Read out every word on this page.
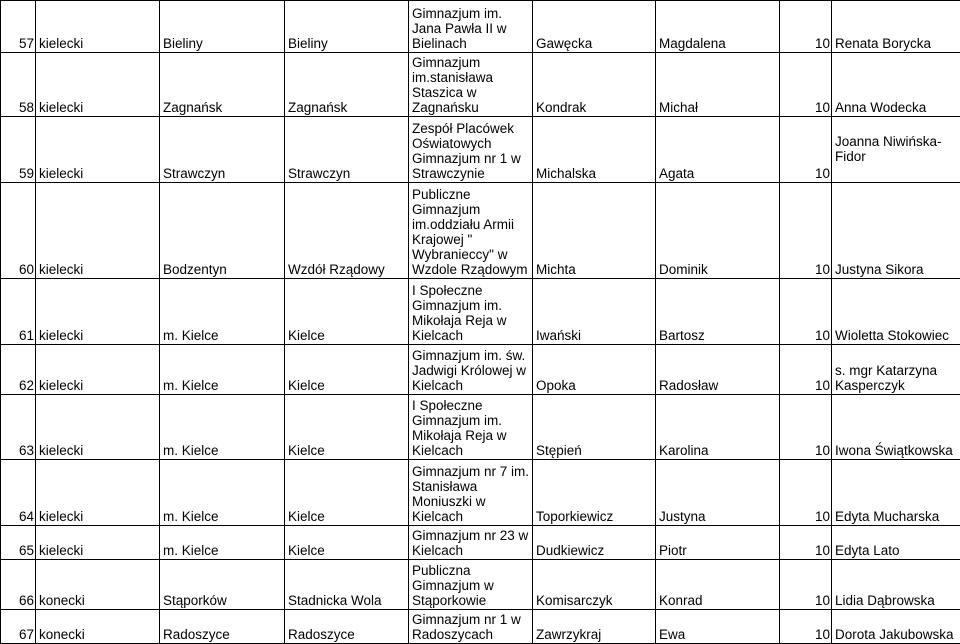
57	kielecki	Bieliny	Bieliny	Gimnazjum im. Jana Pawła II w Bielinach	Gawęcka	Magdalena	10	Renata Borycka
58	kielecki	Zagnańsk	Zagnańsk	Gimnazjum im.stanisława Staszica w Zagnańsku	Kondrak	Michał	10	Anna Wodecka
59	kielecki	Strawczyn	Strawczyn	Zespół Placówek Oświatowych Gimnazjum nr 1 w Strawczynie	Michalska	Agata	10	Joanna Niwińska-Fidor
60	kielecki	Bodzentyn	Wzdół Rządowy	Publiczne Gimnazjum im.oddziału Armii Krajowej " Wybranieccy" w Wzdole Rządowym	Michta	Dominik	10	Justyna Sikora
61	kielecki	m. Kielce	Kielce	I Społeczne Gimnazjum im. Mikołaja Reja w Kielcach	Iwański	Bartosz	10	Wioletta Stokowiec
62	kielecki	m. Kielce	Kielce	Gimnazjum im. św. Jadwigi Królowej w Kielcach	Opoka	Radosław	10	s. mgr Katarzyna Kasperczyk
63	kielecki	m. Kielce	Kielce	I Społeczne Gimnazjum im. Mikołaja Reja w Kielcach	Stępień	Karolina	10	Iwona Świątkowska
64	kielecki	m. Kielce	Kielce	Gimnazjum nr 7 im. Stanisława Moniuszki w Kielcach	Toporkiewicz	Justyna	10	Edyta Mucharska
65	kielecki	m. Kielce	Kielce	Gimnazjum nr 23 w Kielcach	Dudkiewicz	Piotr	10	Edyta Lato
66	konecki	Stąporków	Stadnicka Wola	Publiczna Gimnazjum w Stąporkowie	Komisarczyk	Konrad	10	Lidia Dąbrowska
67	konecki	Radoszyce	Radoszyce	Gimnazjum nr 1 w Radoszycach	Zawrzykraj	Ewa	10	Dorota Jakubowska
